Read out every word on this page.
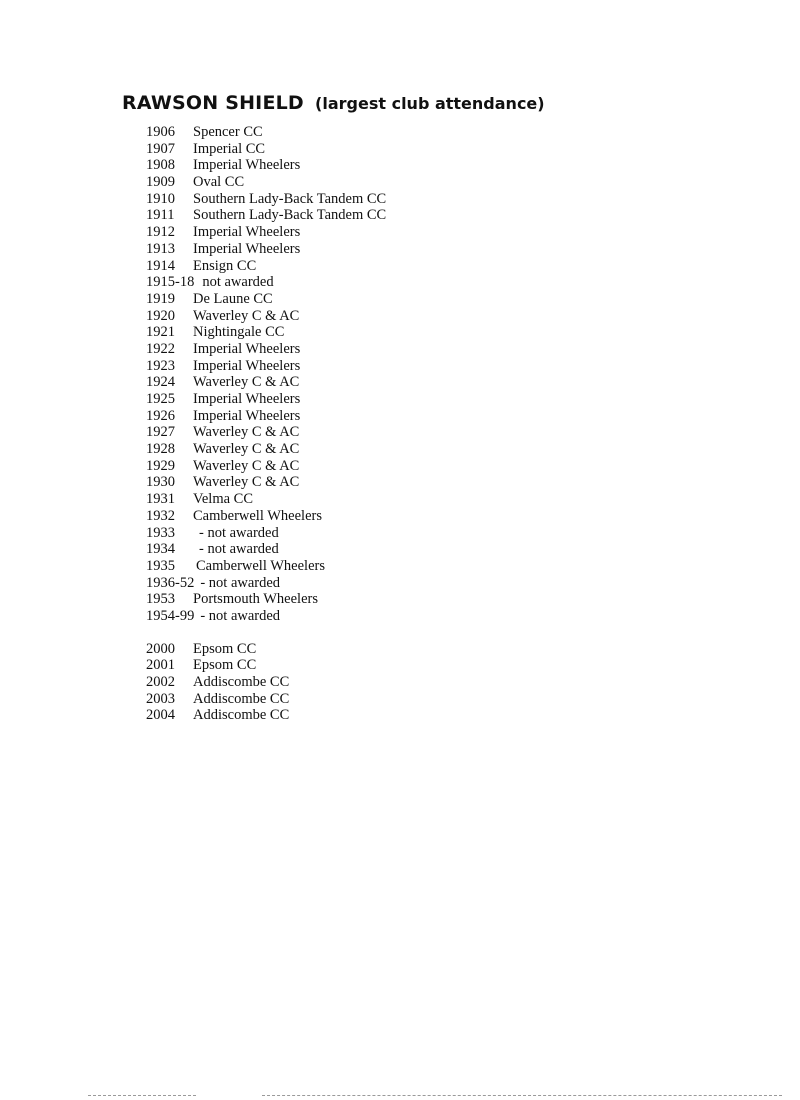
RAWSON SHIELD (largest club attendance)
1906 Spencer CC
1907 Imperial CC
1908 Imperial Wheelers
1909 Oval CC
1910 Southern Lady-Back Tandem CC
1911 Southern Lady-Back Tandem CC
1912 Imperial Wheelers
1913 Imperial Wheelers
1914 Ensign CC
1915-18 not awarded
1919 De Laune CC
1920 Waverley C & AC
1921 Nightingale CC
1922 Imperial Wheelers
1923 Imperial Wheelers
1924 Waverley C & AC
1925 Imperial Wheelers
1926 Imperial Wheelers
1927 Waverley C & AC
1928 Waverley C & AC
1929 Waverley C & AC
1930 Waverley C & AC
1931 Velma CC
1932 Camberwell Wheelers
1933 - not awarded
1934 - not awarded
1935 Camberwell Wheelers
1936-52 - not awarded
1953 Portsmouth Wheelers
1954-99 - not awarded
2000 Epsom CC
2001 Epsom CC
2002 Addiscombe CC
2003 Addiscombe CC
2004 Addiscombe CC
